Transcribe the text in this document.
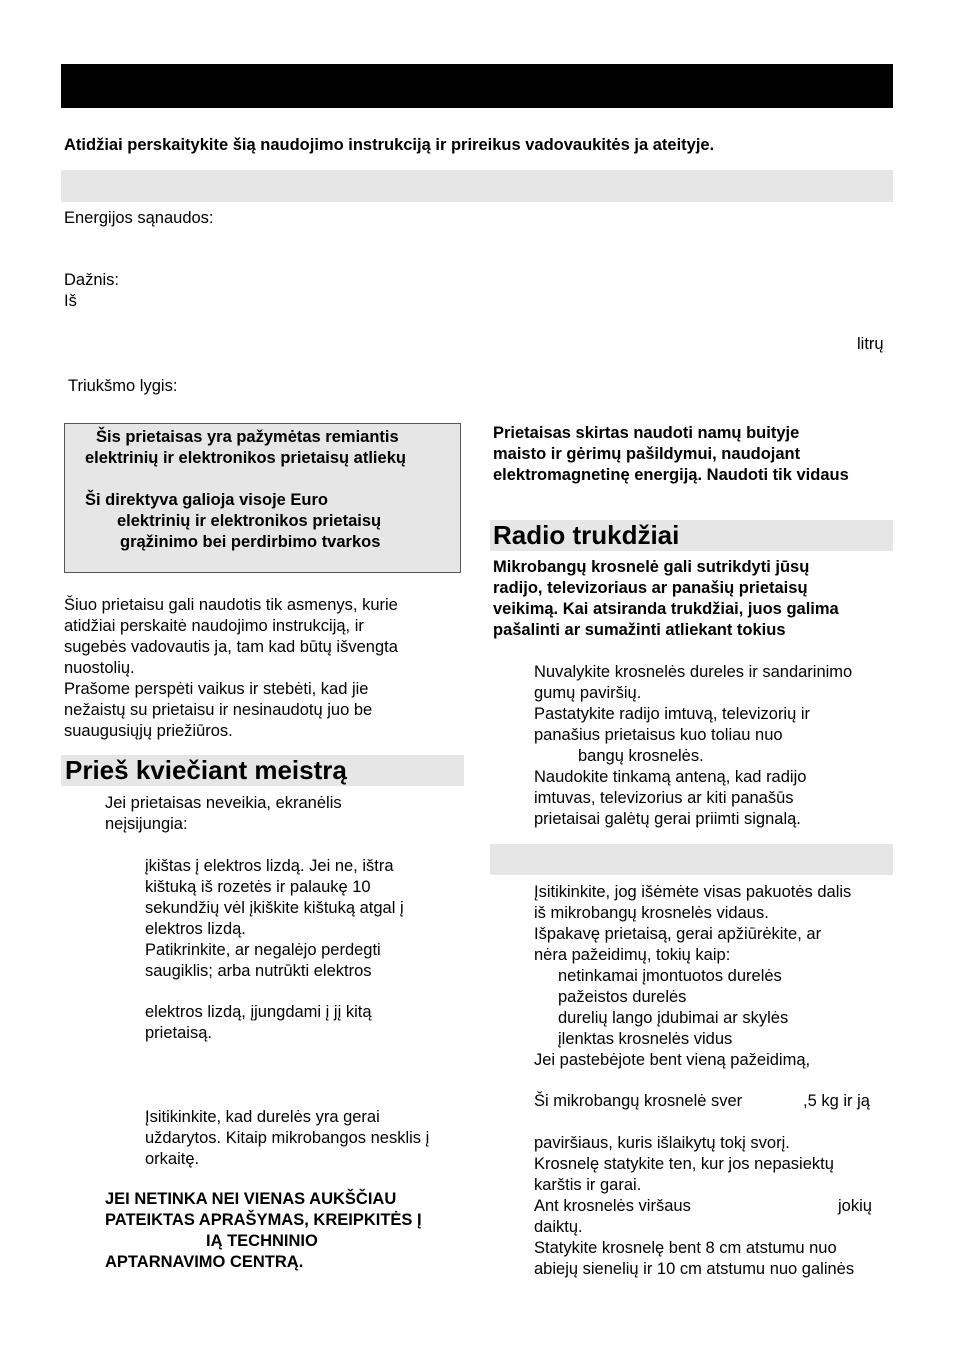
Atidžiai perskaitykite šią naudojimo instrukciją ir prireikus vadovaukitės ja ateityje.

Energijos sąnaudos:

Dažnis:

Iš

litrų

Triukšmo lygis:

Šis prietaisas yra pažymėtas remiantis
elektrinių ir elektronikos prietaisų atliekų
Ši direktyva galioja visoje Euro
elektrinių ir elektronikos prietaisų
grąžinimo bei perdirbimo tvarkos

Šiuo prietaisu gali naudotis tik asmenys, kurie

atidžiai perskaitė naudojimo instrukciją, ir

sugebės vadovautis ja, tam kad būtų išvengta

nuostolių.

Prašome perspėti vaikus ir stebėti, kad jie

nežaistų su prietaisu ir nesinaudotų juo be

suaugusiųjų priežiūros.

Prieš kviečiant meistrą

Jei prietaisas neveikia, ekranėlis

neįsijungia:

įkištas į elektros lizdą. Jei ne, ištra

kištuką iš rozetės ir palaukę 10

sekundžių vėl įkiškite kištuką atgal į

elektros lizdą.

Patikrinkite, ar negalėjo perdegti

saugiklis; arba nutrūkti elektros

elektros lizdą, įjungdami į jį kitą

prietaisą.

Įsitikinkite, kad durelės yra gerai

uždarytos. Kitaip mikrobangos nesklis į

orkaitę.

JEI NETINKA NEI VIENAS AUKŠČIAU

PATEIKTAS APRAŠYMAS, KREIPKITĖS Į

IĄ TECHNINIO

APTARNAVIMO CENTRĄ.

Prietaisas skirtas naudoti namų buityje

maisto ir gėrimų pašildymui, naudojant

elektromagnetinę energiją. Naudoti tik vidaus

Radio trukdžiai

Mikrobangų krosnelė gali sutrikdyti jūsų

radijo, televizoriaus ar panašių prietaisų

veikimą. Kai atsiranda trukdžiai, juos galima

pašalinti ar sumažinti atliekant tokius

Nuvalykite krosnelės dureles ir sandarinimo

gumų paviršių.

Pastatykite radijo imtuvą, televizorių ir

panašius prietaisus kuo toliau nuo

bangų krosnelės.

Naudokite tinkamą anteną, kad radijo

imtuvas, televizorius ar kiti panašūs

prietaisai galėtų gerai priimti signalą.

Įsitikinkite, jog išėmėte visas pakuotės dalis

iš mikrobangų krosnelės vidaus.

Išpakavę prietaisą, gerai apžiūrėkite, ar

nėra pažeidimų, tokių kaip:

netinkamai įmontuotos durelės

pažeistos durelės

durelių lango įdubimai ar skylės

įlenktas krosnelės vidus

Jei pastebėjote bent vieną pažeidimą,

Ši mikrobangų krosnelė sver	,5 kg ir ją

paviršiaus, kuris išlaikytų tokį svorį.

Krosnelę statykite ten, kur jos nepasiektų

karštis ir garai.

Ant krosnelės viršaus	jokių

daiktų.

Statykite krosnelę bent 8 cm atstumu nuo

abiejų sienelių ir 10 cm atstumu nuo galinės
